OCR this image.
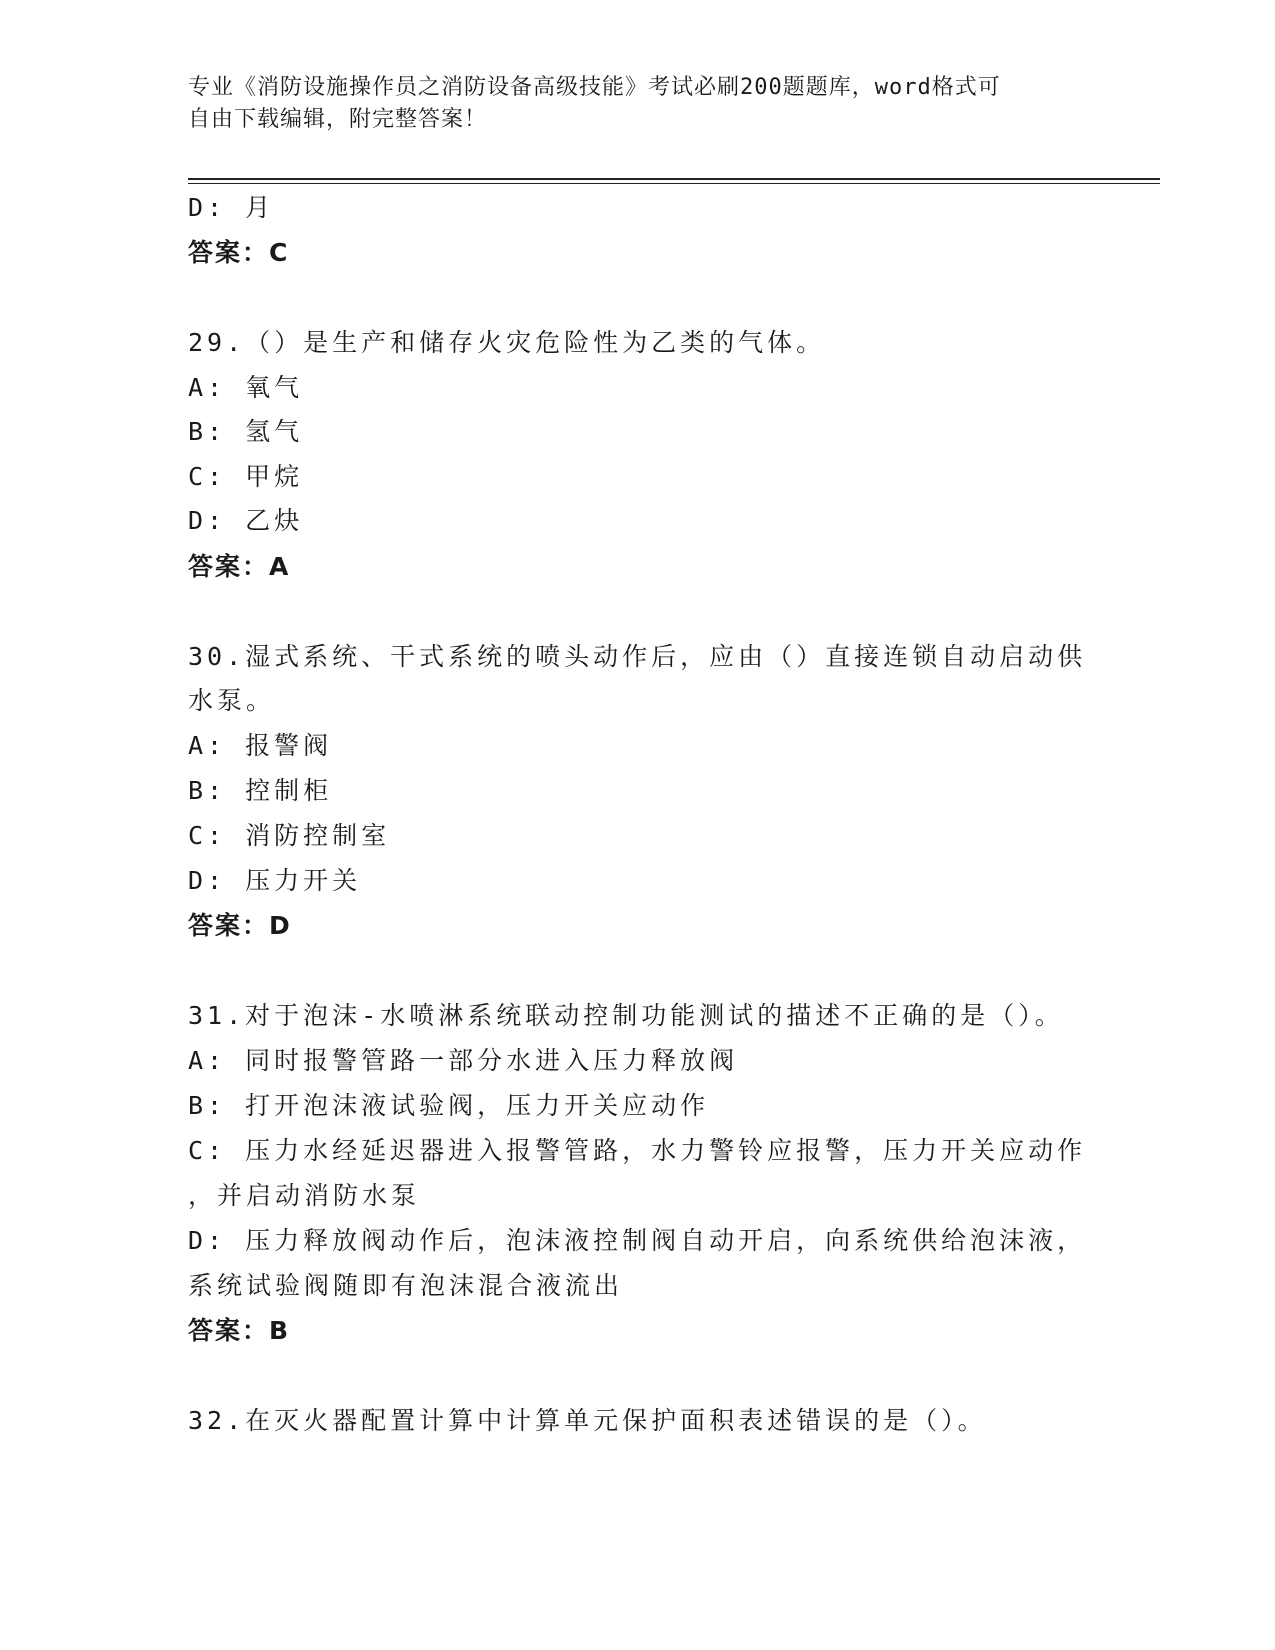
专业《消防设施操作员之消防设备高级技能》考试必刷200题题库，word格式可
自由下载编辑，附完整答案！
D: 月
答案：C
29.（）是生产和储存火灾危险性为乙类的气体。
A: 氧气
B: 氢气
C: 甲烷
D: 乙炔
答案：A
30.湿式系统、干式系统的喷头动作后，应由（）直接连锁自动启动供
水泵。
A: 报警阀
B: 控制柜
C: 消防控制室
D: 压力开关
答案：D
31.对于泡沫-水喷淋系统联动控制功能测试的描述不正确的是（）。
A: 同时报警管路一部分水进入压力释放阀
B: 打开泡沫液试验阀，压力开关应动作
C: 压力水经延迟器进入报警管路，水力警铃应报警，压力开关应动作
，并启动消防水泵
D: 压力释放阀动作后，泡沫液控制阀自动开启，向系统供给泡沫液，
系统试验阀随即有泡沫混合液流出
答案：B
32.在灭火器配置计算中计算单元保护面积表述错误的是（）。
